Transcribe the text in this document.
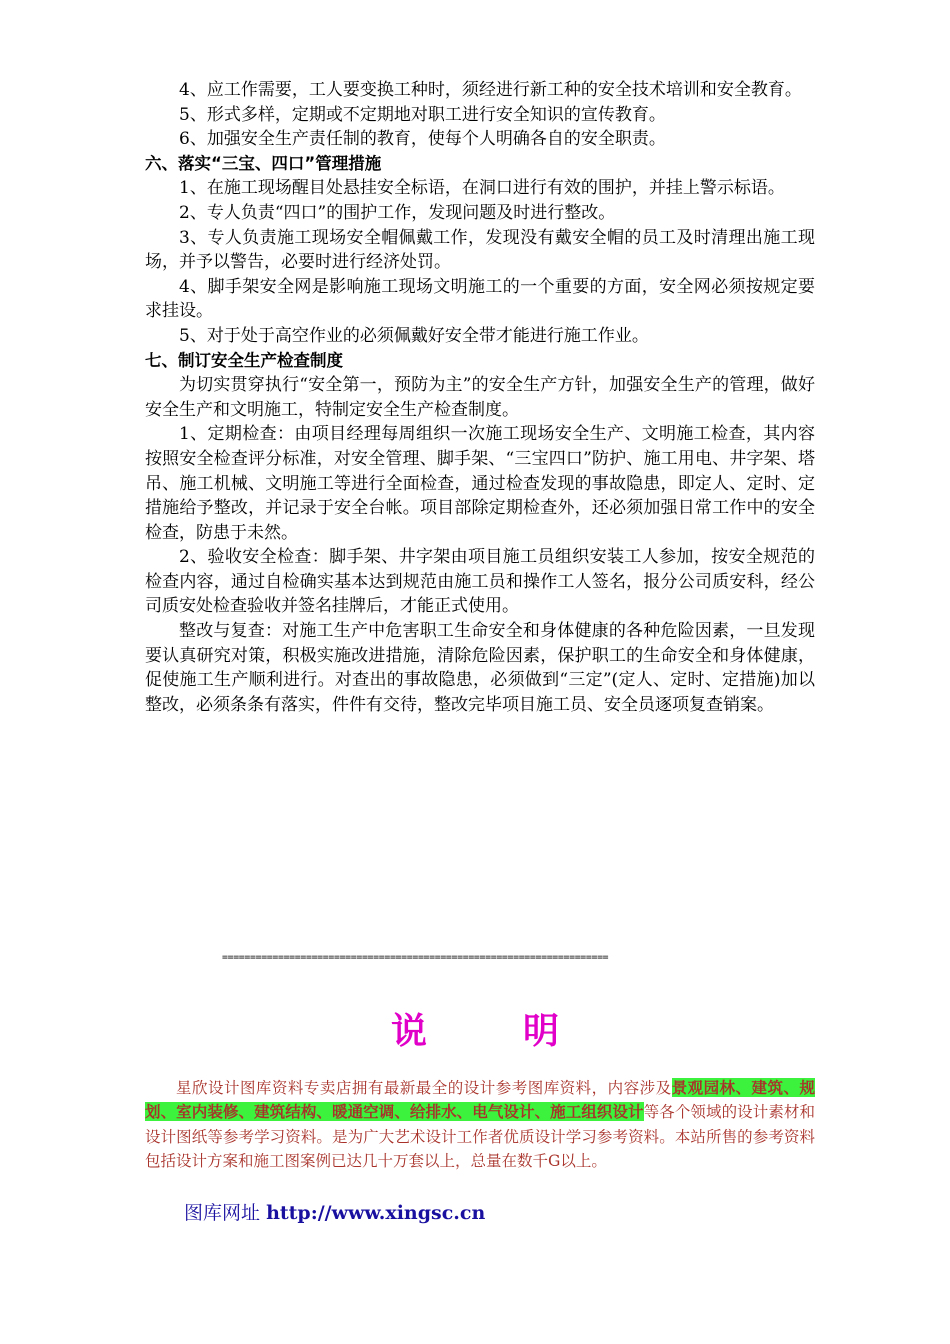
4、应工作需要，工人要变换工种时，须经进行新工种的安全技术培训和安全教育。

5、形式多样，定期或不定期地对职工进行安全知识的宣传教育。

6、加强安全生产责任制的教育，使每个人明确各自的安全职责。

六、落实“三宝、四口”管理措施

1、在施工现场醒目处悬挂安全标语，在洞口进行有效的围护，并挂上警示标语。

2、专人负责“四口”的围护工作，发现问题及时进行整改。

3、专人负责施工现场安全帽佩戴工作，发现没有戴安全帽的员工及时清理出施工现场，并予以警告，必要时进行经济处罚。

4、脚手架安全网是影响施工现场文明施工的一个重要的方面，安全网必须按规定要求挂设。

5、对于处于高空作业的必须佩戴好安全带才能进行施工作业。

七、制订安全生产检查制度

为切实贯穿执行“安全第一，预防为主”的安全生产方针，加强安全生产的管理，做好安全生产和文明施工，特制定安全生产检查制度。

1、定期检查：由项目经理每周组织一次施工现场安全生产、文明施工检查，其内容按照安全检查评分标准，对安全管理、脚手架、“三宝四口”防护、施工用电、井字架、塔吊、施工机械、文明施工等进行全面检查，通过检查发现的事故隐患，即定人、定时、定措施给予整改，并记录于安全台帐。项目部除定期检查外，还必须加强日常工作中的安全检查，防患于未然。

2、验收安全检查：脚手架、井字架由项目施工员组织安装工人参加，按安全规范的检查内容，通过自检确实基本达到规范由施工员和操作工人签名，报分公司质安科，经公司质安处检查验收并签名挂牌后，才能正式使用。

整改与复查：对施工生产中危害职工生命安全和身体健康的各种危险因素，一旦发现要认真研究对策，积极实施改进措施，清除危险因素，保护职工的生命安全和身体健康，促使施工生产顺利进行。对查出的事故隐患，必须做到“三定”(定人、定时、定措施)加以整改，必须条条有落实，件件有交待，整改完毕项目施工员、安全员逐项复查销案。

=====================================================================
说	明
星欣设计图库资料专卖店拥有最新最全的设计参考图库资料，内容涉及景观园林、建筑、规划、室内装修、建筑结构、暖通空调、给排水、电气设计、施工组织设计等各个领域的设计素材和设计图纸等参考学习资料。是为广大艺术设计工作者优质设计学习参考资料。本站所售的参考资料包括设计方案和施工图案例已达几十万套以上，总量在数千G以上。
图库网址 http://www.xingsc.cn
